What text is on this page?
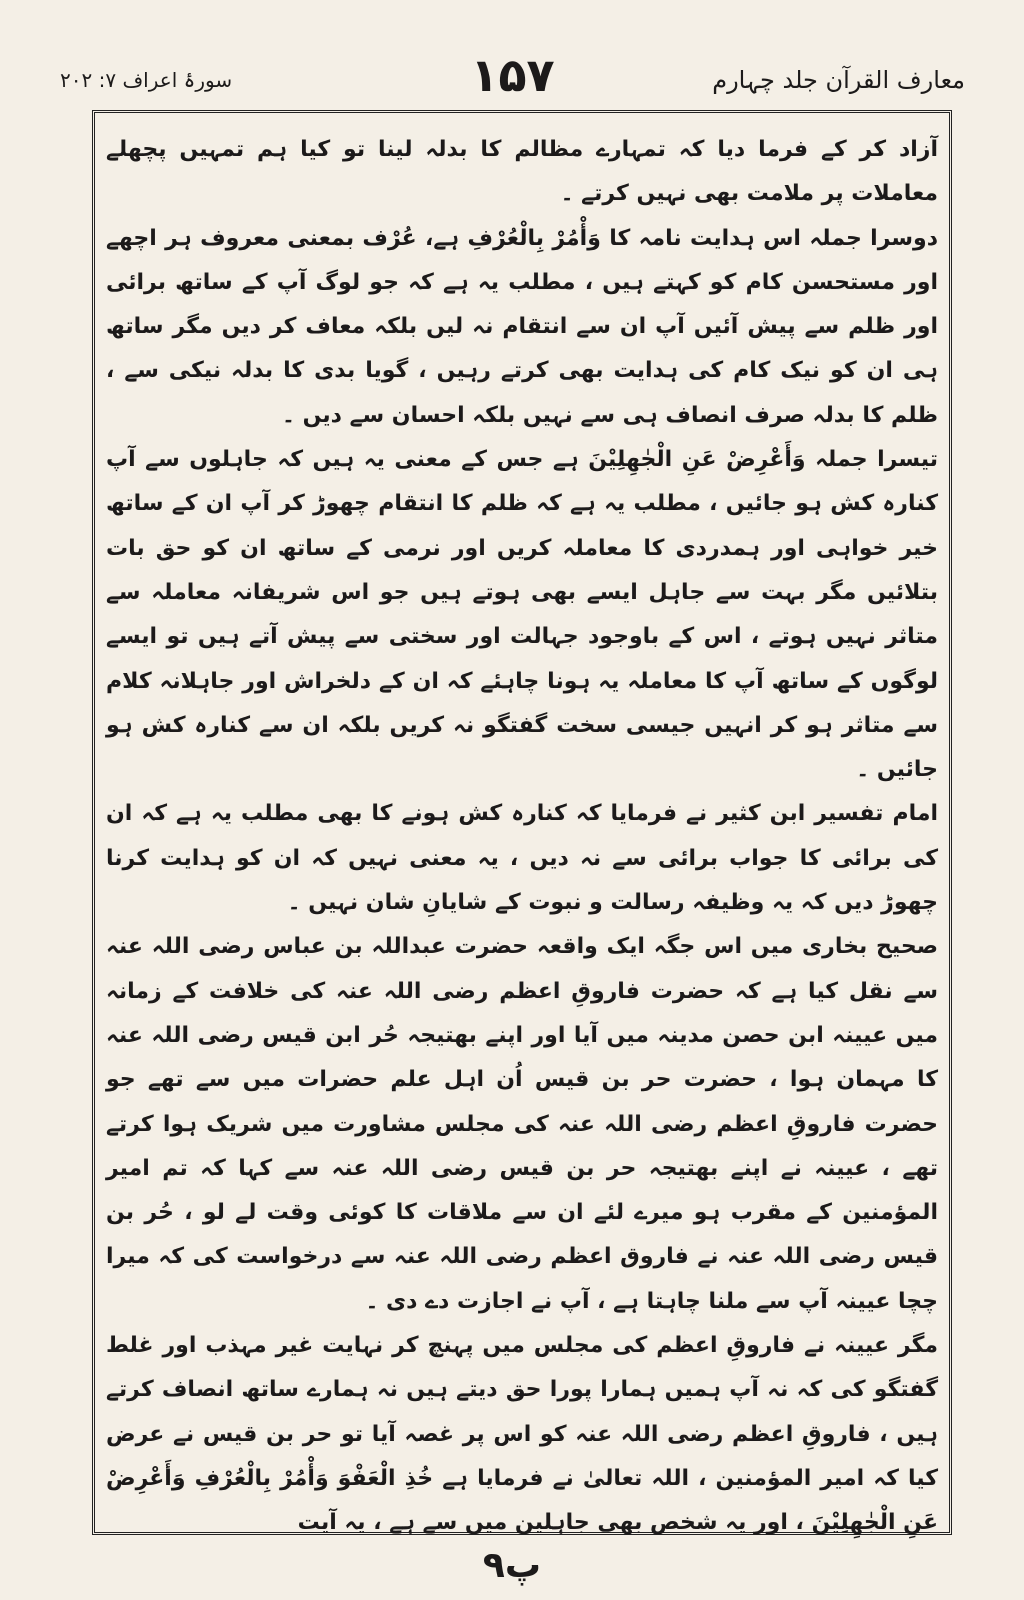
سورۂ اعراف ۷: ۲۰۲	۱۵۷	معارف القرآن جلد چہارم

آزاد کر کے فرما دیا کہ تمہارے مظالم کا بدلہ لینا تو کیا ہم تمہیں پچھلے معاملات پر ملامت بھی نہیں کرتے ۔

دوسرا جملہ اس ہدایت نامہ کا وَأْمُرْ بِالْعُرْفِ ہے، عُرْف بمعنی معروف ہر اچھے اور مستحسن کام کو کہتے ہیں ، مطلب یہ ہے کہ جو لوگ آپ کے ساتھ برائی اور ظلم سے پیش آئیں آپ ان سے انتقام نہ لیں بلکہ معاف کر دیں مگر ساتھ ہی ان کو نیک کام کی ہدایت بھی کرتے رہیں ، گویا بدی کا بدلہ نیکی سے ، ظلم کا بدلہ صرف انصاف ہی سے نہیں بلکہ احسان سے دیں ۔

تیسرا جملہ وَأَعْرِضْ عَنِ الْجٰهِلِيْنَ ہے جس کے معنی یہ ہیں کہ جاہلوں سے آپ کنارہ کش ہو جائیں ، مطلب یہ ہے کہ ظلم کا انتقام چھوڑ کر آپ ان کے ساتھ خیر خواہی اور ہمدردی کا معاملہ کریں اور نرمی کے ساتھ ان کو حق بات بتلائیں مگر بہت سے جاہل ایسے بھی ہوتے ہیں جو اس شریفانہ معاملہ سے متاثر نہیں ہوتے ، اس کے باوجود جہالت اور سختی سے پیش آتے ہیں تو ایسے لوگوں کے ساتھ آپ کا معاملہ یہ ہونا چاہئے کہ ان کے دلخراش اور جاہلانہ کلام سے متاثر ہو کر انہیں جیسی سخت گفتگو نہ کریں بلکہ ان سے کنارہ کش ہو جائیں ۔

امام تفسیر ابن کثیر نے فرمایا کہ کنارہ کش ہونے کا بھی مطلب یہ ہے کہ ان کی برائی کا جواب برائی سے نہ دیں ، یہ معنی نہیں کہ ان کو ہدایت کرنا چھوڑ دیں کہ یہ وظیفہ رسالت و نبوت کے شایانِ شان نہیں ۔

صحیح بخاری میں اس جگہ ایک واقعہ حضرت عبداللہ بن عباس رضی اللہ عنہ سے نقل کیا ہے کہ حضرت فاروقِ اعظم رضی اللہ عنہ کی خلافت کے زمانہ میں عیینہ ابن حصن مدینہ میں آیا اور اپنے بھتیجہ حُر ابن قیس رضی اللہ عنہ کا مہمان ہوا ، حضرت حر بن قیس اُن اہل علم حضرات میں سے تھے جو حضرت فاروقِ اعظم رضی اللہ عنہ کی مجلس مشاورت میں شریک ہوا کرتے تھے ، عیینہ نے اپنے بھتیجہ حر بن قیس رضی اللہ عنہ سے کہا کہ تم امیر المؤمنین کے مقرب ہو میرے لئے ان سے ملاقات کا کوئی وقت لے لو ، حُر بن قیس رضی اللہ عنہ نے فاروق اعظم رضی اللہ عنہ سے درخواست کی کہ میرا چچا عیینہ آپ سے ملنا چاہتا ہے ، آپ نے اجازت دے دی ۔

مگر عیینہ نے فاروقِ اعظم کی مجلس میں پہنچ کر نہایت غیر مہذب اور غلط گفتگو کی کہ نہ آپ ہمیں ہمارا پورا حق دیتے ہیں نہ ہمارے ساتھ انصاف کرتے ہیں ، فاروقِ اعظم رضی اللہ عنہ کو اس پر غصہ آیا تو حر بن قیس نے عرض کیا کہ امیر المؤمنین ، اللہ تعالیٰ نے فرمایا ہے خُذِ الْعَفْوَ وَأْمُرْ بِالْعُرْفِ وَأَعْرِضْ عَنِ الْجٰهِلِيْنَ ، اور یہ شخص بھی جاہلین میں سے ہے ، یہ آیت

۹پ
